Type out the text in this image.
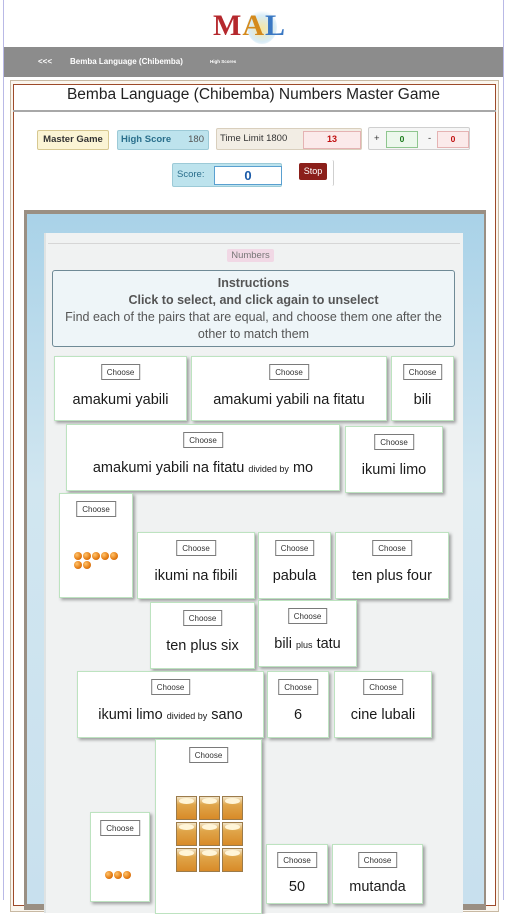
MAL
<<< Bemba Language (Chibemba)	High Scores
Bemba Language (Chibemba) Numbers Master Game
Master Game	High Score 180	Time Limit 1800	13	+	0	-	0
Score:	0	Stop
Numbers
Instructions
Click to select, and click again to unselect
Find each of the pairs that are equal, and choose them one after the other to match them
Choose
amakumi yabili
Choose
amakumi yabili na fitatu
Choose
bili
Choose
amakumi yabili na fitatu divided by mo
Choose
ikumi limo
Choose
Choose
ikumi na fibili
Choose
pabula
Choose
ten plus four
Choose
ten plus six
Choose
bili plus tatu
Choose
ikumi limo divided by sano
Choose
6
Choose
cine lubali
Choose
Choose
Choose
50
Choose
mutanda
